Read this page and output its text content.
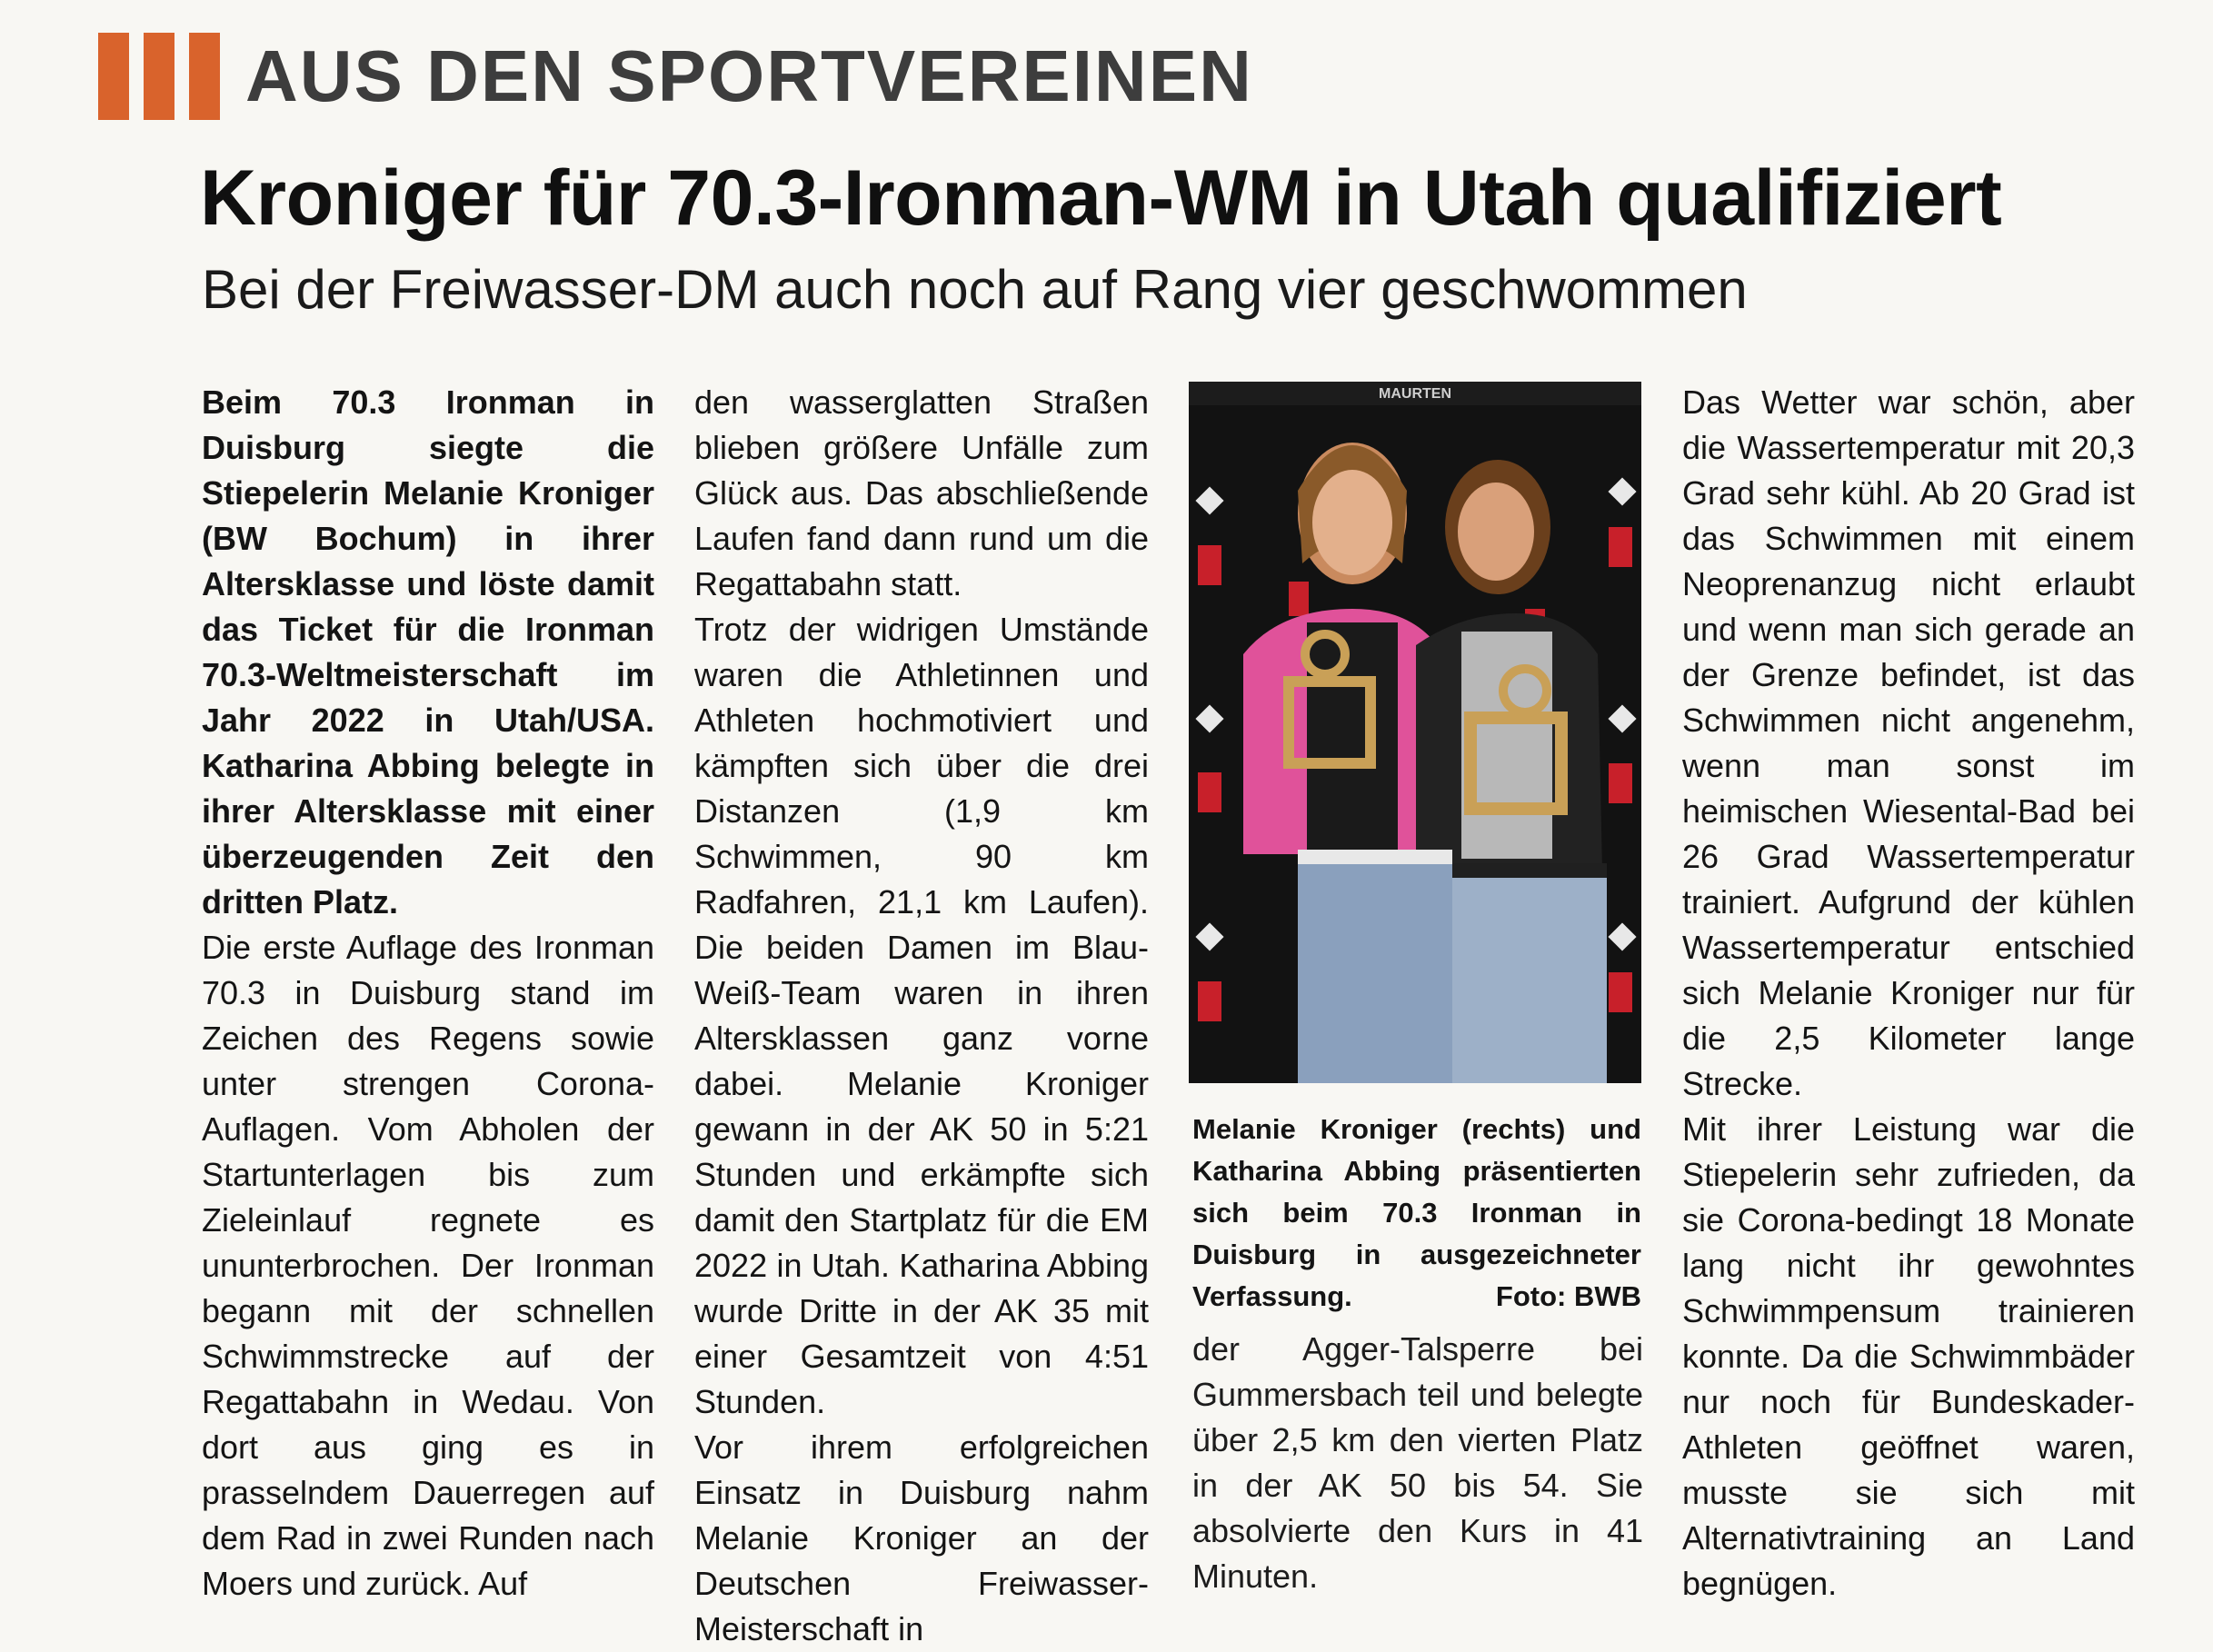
AUS DEN SPORTVEREINEN
Kroniger für 70.3-Ironman-WM in Utah qualifiziert
Bei der Freiwasser-DM auch noch auf Rang vier geschwommen

Beim 70.3 Ironman in Duisburg siegte die Stiepelerin Melanie Kroniger (BW Bochum) in ihrer Altersklasse und löste damit das Ticket für die Ironman 70.3-Weltmeisterschaft im Jahr 2022 in Utah/USA. Katharina Abbing belegte in ihrer Altersklasse mit einer überzeugenden Zeit den dritten Platz.

Die erste Auflage des Ironman 70.3 in Duisburg stand im Zeichen des Regens sowie unter strengen Corona-Auflagen. Vom Abholen der Startunterlagen bis zum Zieleinlauf regnete es ununterbrochen. Der Ironman begann mit der schnellen Schwimmstrecke auf der Regattabahn in Wedau. Von dort aus ging es in prasselndem Dauerregen auf dem Rad in zwei Runden nach Moers und zurück. Auf

den wasserglatten Straßen blieben größere Unfälle zum Glück aus. Das abschließende Laufen fand dann rund um die Regattabahn statt.

Trotz der widrigen Umstände waren die Athletinnen und Athleten hochmotiviert und kämpften sich über die drei Distanzen (1,9 km Schwimmen, 90 km Radfahren, 21,1 km Laufen). Die beiden Damen im Blau-Weiß-Team waren in ihren Altersklassen ganz vorne dabei. Melanie Kroniger gewann in der AK 50 in 5:21 Stunden und erkämpfte sich damit den Startplatz für die EM 2022 in Utah. Katharina Abbing wurde Dritte in der AK 35 mit einer Gesamtzeit von 4:51 Stunden.

Vor ihrem erfolgreichen Einsatz in Duisburg nahm Melanie Kroniger an der Deutschen Freiwasser-Meisterschaft in

MAURTEN
Melanie Kroniger (rechts) und Katharina Abbing präsentierten sich beim 70.3 Ironman in Duisburg in ausgezeichneter Verfassung.	Foto: BWB
der Agger-Talsperre bei Gummersbach teil und belegte über 2,5 km den vierten Platz in der AK 50 bis 54. Sie absolvierte den Kurs in 41 Minuten.

Das Wetter war schön, aber die Wassertemperatur mit 20,3 Grad sehr kühl. Ab 20 Grad ist das Schwimmen mit einem Neoprenanzug nicht erlaubt und wenn man sich gerade an der Grenze befindet, ist das Schwimmen nicht angenehm, wenn man sonst im heimischen Wiesental-Bad bei 26 Grad Wassertemperatur trainiert. Aufgrund der kühlen Wassertemperatur entschied sich Melanie Kroniger nur für die 2,5 Kilometer lange Strecke.

Mit ihrer Leistung war die Stiepelerin sehr zufrieden, da sie Corona-bedingt 18 Monate lang nicht ihr gewohntes Schwimmpensum trainieren konnte. Da die Schwimmbäder nur noch für Bundeskader-Athleten geöffnet waren, musste sie sich mit Alternativtraining an Land begnügen.
